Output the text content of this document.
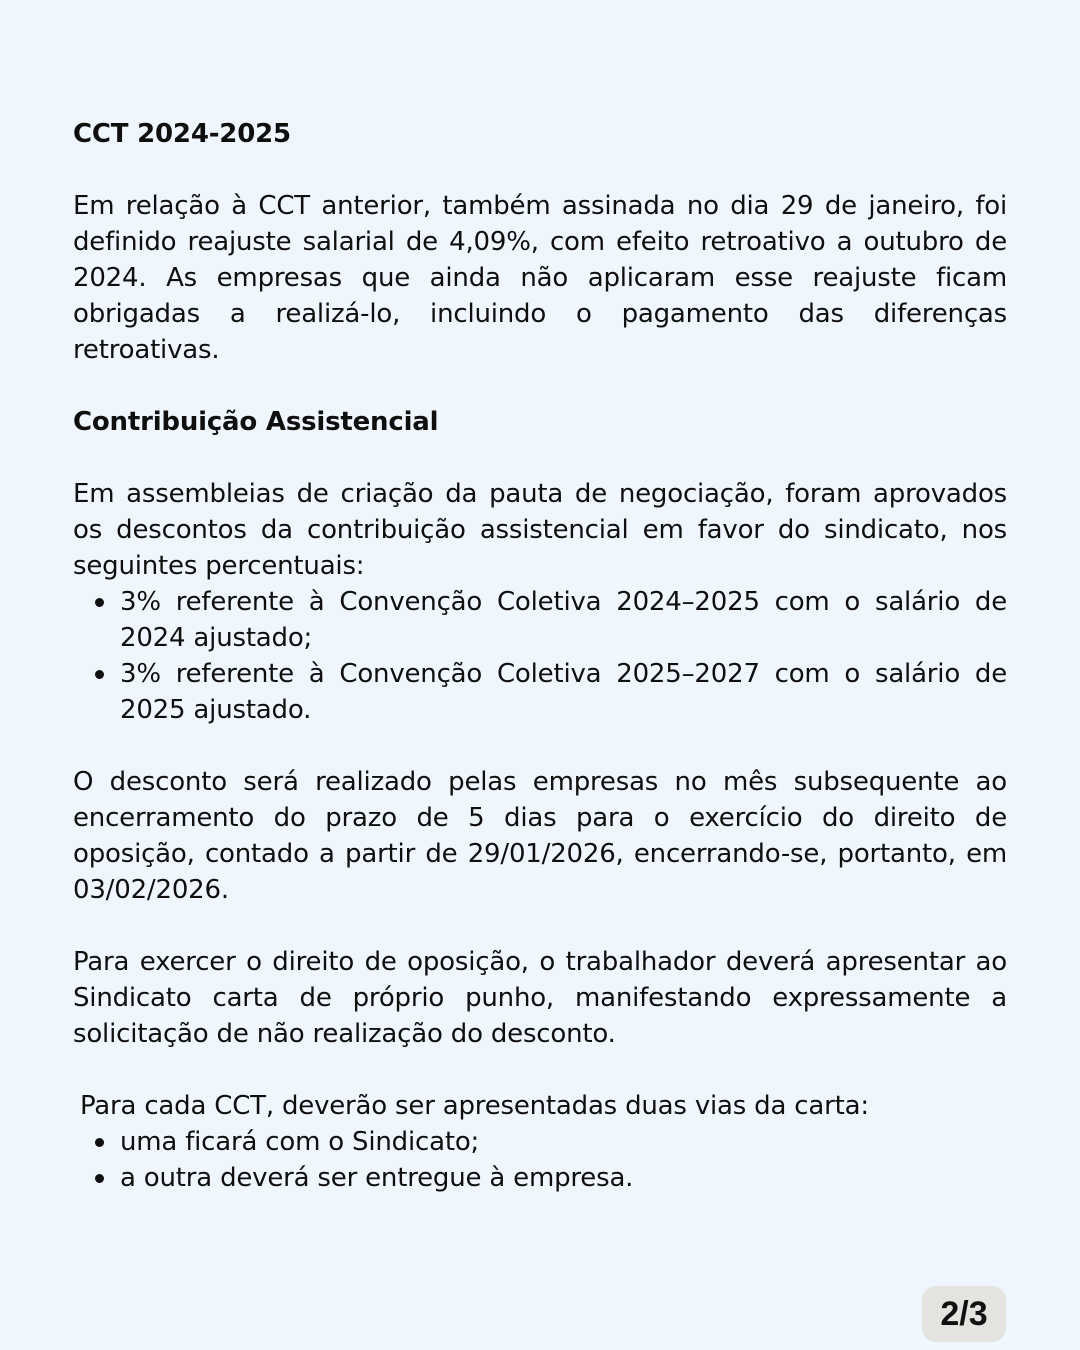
CCT 2024-2025

Em relação à CCT anterior, também assinada no dia 29 de janeiro, foi definido reajuste salarial de 4,09%, com efeito retroativo a outubro de 2024. As empresas que ainda não aplicaram esse reajuste ficam obrigadas a realizá-lo, incluindo o pagamento das diferenças retroativas.

Contribuição Assistencial

Em assembleias de criação da pauta de negociação, foram aprovados os descontos da contribuição assistencial em favor do sindicato, nos seguintes percentuais:

3% referente à Convenção Coletiva 2024–2025 com o salário de 2024 ajustado;
3% referente à Convenção Coletiva 2025–2027 com o salário de 2025 ajustado.

O desconto será realizado pelas empresas no mês subsequente ao encerramento do prazo de 5 dias para o exercício do direito de oposição, contado a partir de 29/01/2026, encerrando-se, portanto, em 03/02/2026.

Para exercer o direito de oposição, o trabalhador deverá apresentar ao Sindicato carta de próprio punho, manifestando expressamente a solicitação de não realização do desconto.

Para cada CCT, deverão ser apresentadas duas vias da carta:

uma ficará com o Sindicato;
a outra deverá ser entregue à empresa.
2/3
